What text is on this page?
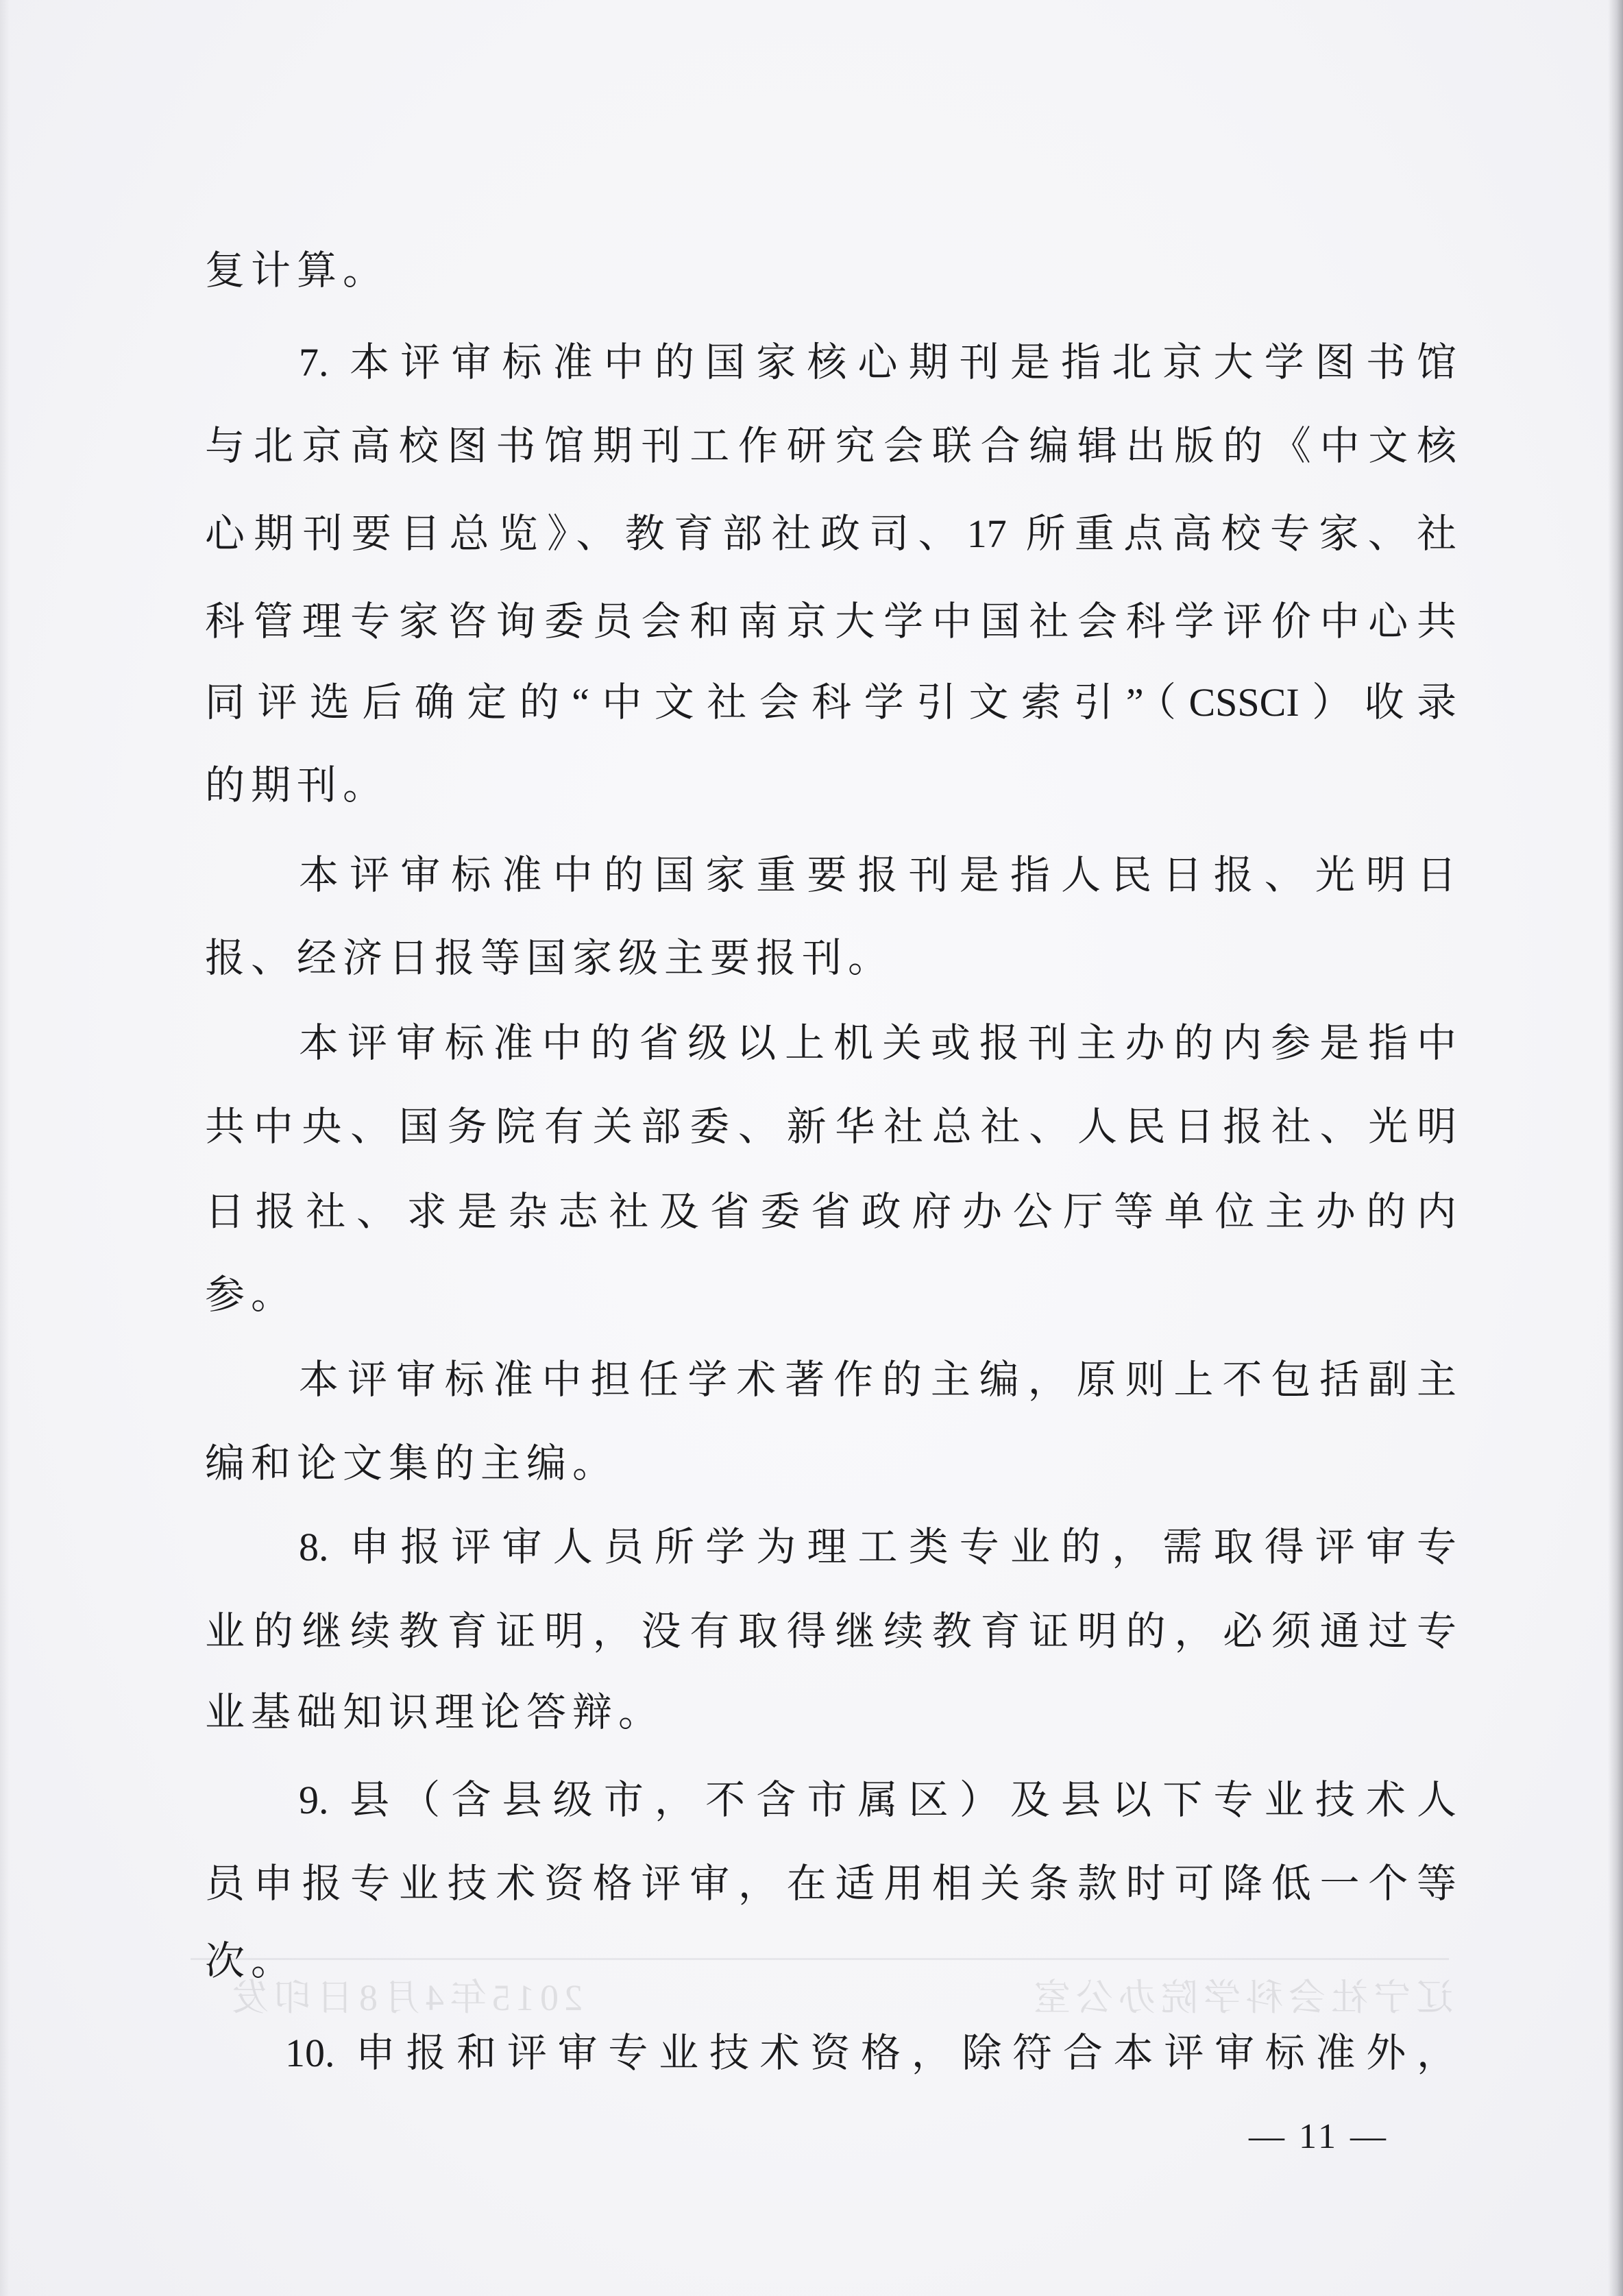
复计算。
7. 本评审标准中的国家核心期刊是指北京大学图书馆
与北京高校图书馆期刊工作研究会联合编辑出版的《中文核
心期刊要目总览》、教育部社政司、17 所重点高校专家、社
科管理专家咨询委员会和南京大学中国社会科学评价中心共
同评选后确定的“中文社会科学引文索引”（CSSCI）收录
的期刊。
本评审标准中的国家重要报刊是指人民日报、光明日
报、经济日报等国家级主要报刊。
本评审标准中的省级以上机关或报刊主办的内参是指中
共中央、国务院有关部委、新华社总社、人民日报社、光明
日报社、求是杂志社及省委省政府办公厅等单位主办的内
参。
本评审标准中担任学术著作的主编，原则上不包括副主
编和论文集的主编。
8. 申报评审人员所学为理工类专业的，需取得评审专
业的继续教育证明，没有取得继续教育证明的，必须通过专
业基础知识理论答辩。
9. 县（含县级市，不含市属区）及县以下专业技术人
员申报专业技术资格评审，在适用相关条款时可降低一个等
次。
辽宁社会科学院办公室
2015年4月8日印发
10. 申报和评审专业技术资格，除符合本评审标准外，
— 11 —
